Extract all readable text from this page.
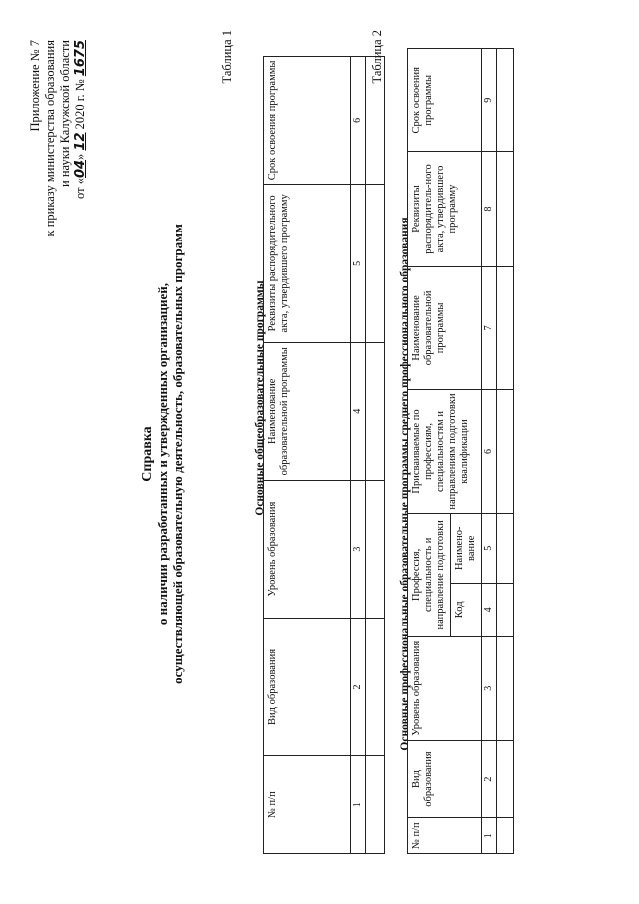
Приложение № 7 к приказу министерства образования и науки Калужской области
от «04» 12 2020 г. № 1675
Справка о наличии разработанных и утвержденных организацией, осуществляющей образовательную деятельность, образовательных программ
Таблица 1
Основные общеобразовательные программы
№ п/п	Вид образования	Уровень образования	Наименование образовательной программы	Реквизиты распорядительного акта, утвердившего программу	Срок освоения программы
1	2	3	4	5	6

Таблица 2
Основные профессиональные образовательные программы среднего профессионального образования
№ п/п	Вид образования	Уровень образования	Профессия, специальность и направление подготовки		Присваиваемые по профессиям, специальностям и направлениям подготовки квалификации	Наименование образовательной программы	Реквизиты распорядитель-ного акта, утвердившего программу	Срок освоения программы
			Код	Наимено-вание				
1	2	3	4	5	6	7	8	9
